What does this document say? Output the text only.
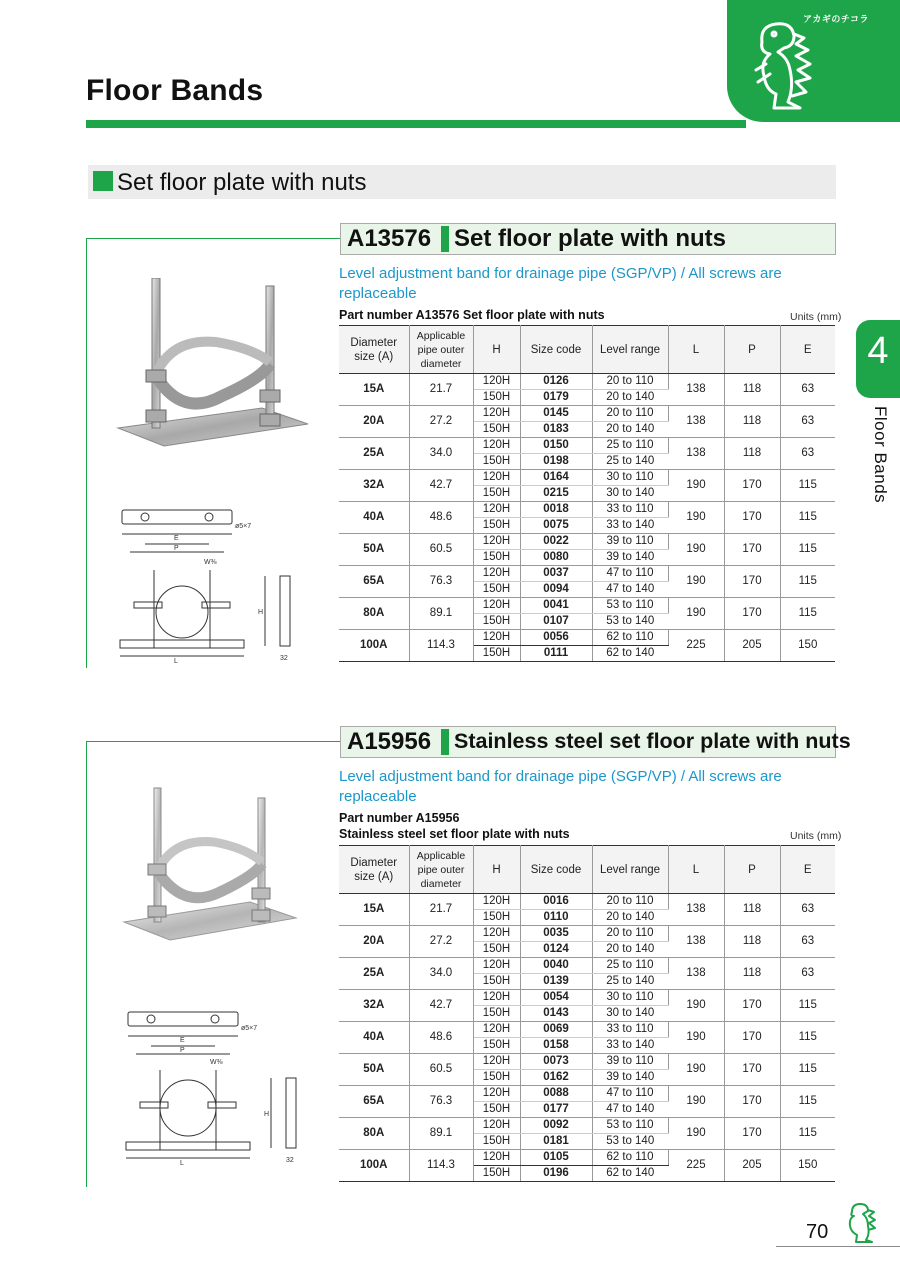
アカギのチコラ
Floor Bands
Set floor plate with nuts
4
Floor Bands
A13576 Set floor plate with nuts
Level adjustment band for drainage pipe (SGP/VP) / All screws are replaceable
Part number A13576 Set floor plate with nuts	Units (mm)
ø5×7
E
P
W⅜
H
L	32
Diameter size (A)	Applicable pipe outer diameter	H	Size code	Level range	L	P	E
15A	21.7	120H	0126	20 to 110	138	118	63
		150H	0179	20 to 140			
20A	27.2	120H	0145	20 to 110	138	118	63
		150H	0183	20 to 140			
25A	34.0	120H	0150	25 to 110	138	118	63
		150H	0198	25 to 140			
32A	42.7	120H	0164	30 to 110	190	170	115
		150H	0215	30 to 140			
40A	48.6	120H	0018	33 to 110	190	170	115
		150H	0075	33 to 140			
50A	60.5	120H	0022	39 to 110	190	170	115
		150H	0080	39 to 140			
65A	76.3	120H	0037	47 to 110	190	170	115
		150H	0094	47 to 140			
80A	89.1	120H	0041	53 to 110	190	170	115
		150H	0107	53 to 140			
100A	114.3	120H	0056	62 to 110	225	205	150
		150H	0111	62 to 140			
A15956 Stainless steel set floor plate with nuts
Level adjustment band for drainage pipe (SGP/VP) / All screws are replaceable
Part number A15956
Stainless steel set floor plate with nuts	Units (mm)
ø5×7
E
P
W⅜
H
L	32
Diameter size (A)	Applicable pipe outer diameter	H	Size code	Level range	L	P	E
15A	21.7	120H	0016	20 to 110	138	118	63
		150H	0110	20 to 140			
20A	27.2	120H	0035	20 to 110	138	118	63
		150H	0124	20 to 140			
25A	34.0	120H	0040	25 to 110	138	118	63
		150H	0139	25 to 140			
32A	42.7	120H	0054	30 to 110	190	170	115
		150H	0143	30 to 140			
40A	48.6	120H	0069	33 to 110	190	170	115
		150H	0158	33 to 140			
50A	60.5	120H	0073	39 to 110	190	170	115
		150H	0162	39 to 140			
65A	76.3	120H	0088	47 to 110	190	170	115
		150H	0177	47 to 140			
80A	89.1	120H	0092	53 to 110	190	170	115
		150H	0181	53 to 140			
100A	114.3	120H	0105	62 to 110	225	205	150
		150H	0196	62 to 140			
70
